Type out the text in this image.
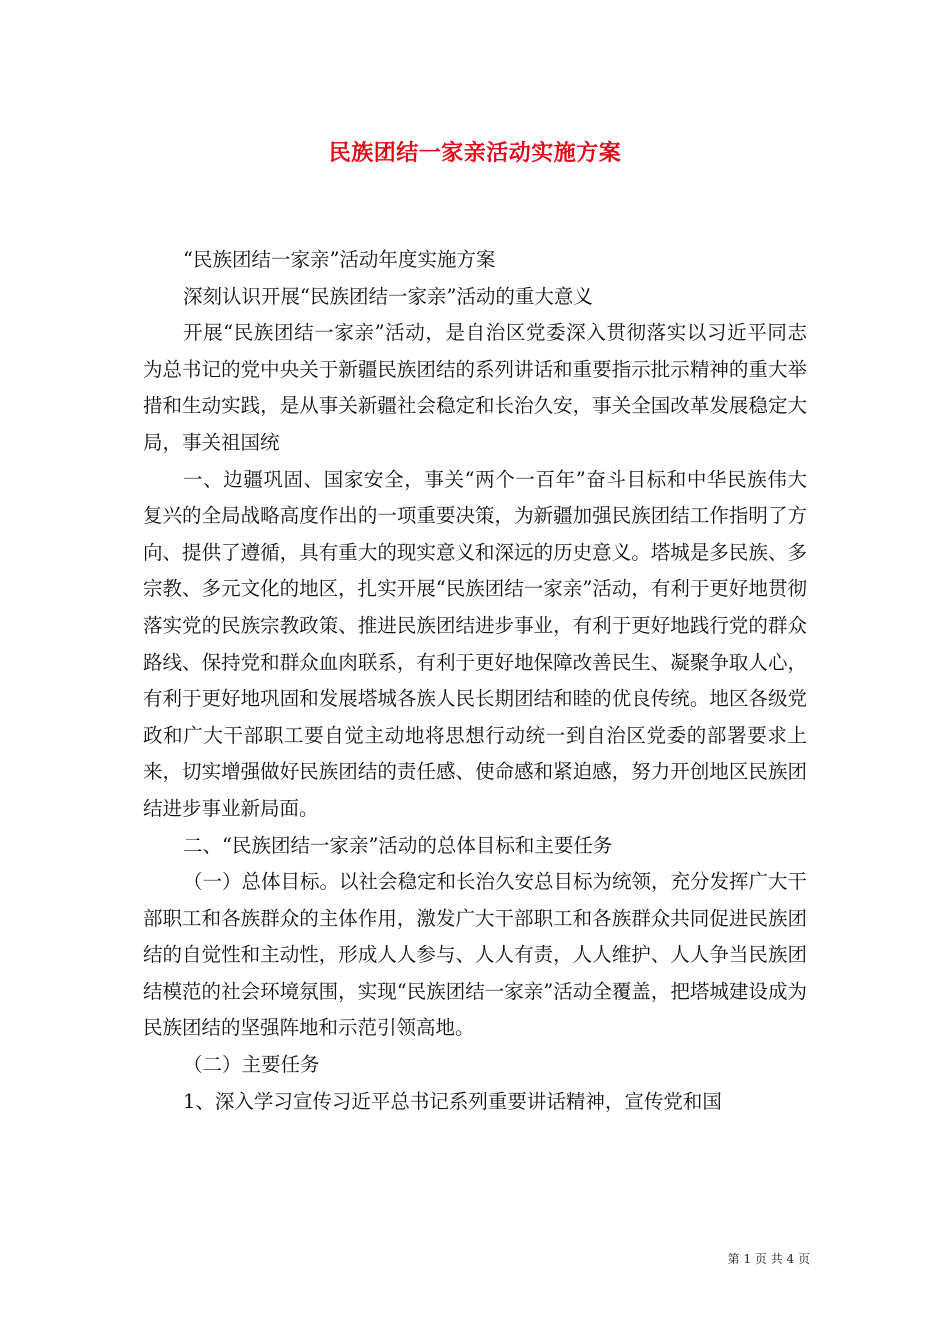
民族团结一家亲活动实施方案

“民族团结一家亲”活动年度实施方案

深刻认识开展“民族团结一家亲”活动的重大意义

开展“民族团结一家亲”活动，是自治区党委深入贯彻落实以习近平同志为总书记的党中央关于新疆民族团结的系列讲话和重要指示批示精神的重大举措和生动实践，是从事关新疆社会稳定和长治久安，事关全国改革发展稳定大局，事关祖国统

一、边疆巩固、国家安全，事关“两个一百年”奋斗目标和中华民族伟大复兴的全局战略高度作出的一项重要决策，为新疆加强民族团结工作指明了方向、提供了遵循，具有重大的现实意义和深远的历史意义。塔城是多民族、多宗教、多元文化的地区，扎实开展“民族团结一家亲”活动，有利于更好地贯彻落实党的民族宗教政策、推进民族团结进步事业，有利于更好地践行党的群众路线、保持党和群众血肉联系，有利于更好地保障改善民生、凝聚争取人心，有利于更好地巩固和发展塔城各族人民长期团结和睦的优良传统。地区各级党政和广大干部职工要自觉主动地将思想行动统一到自治区党委的部署要求上来，切实增强做好民族团结的责任感、使命感和紧迫感，努力开创地区民族团结进步事业新局面。

二、“民族团结一家亲”活动的总体目标和主要任务

（一）总体目标。以社会稳定和长治久安总目标为统领，充分发挥广大干部职工和各族群众的主体作用，激发广大干部职工和各族群众共同促进民族团结的自觉性和主动性，形成人人参与、人人有责，人人维护、人人争当民族团结模范的社会环境氛围，实现“民族团结一家亲”活动全覆盖，把塔城建设成为民族团结的坚强阵地和示范引领高地。

（二）主要任务

1、深入学习宣传习近平总书记系列重要讲话精神，宣传党和国

第 1 页 共 4 页
